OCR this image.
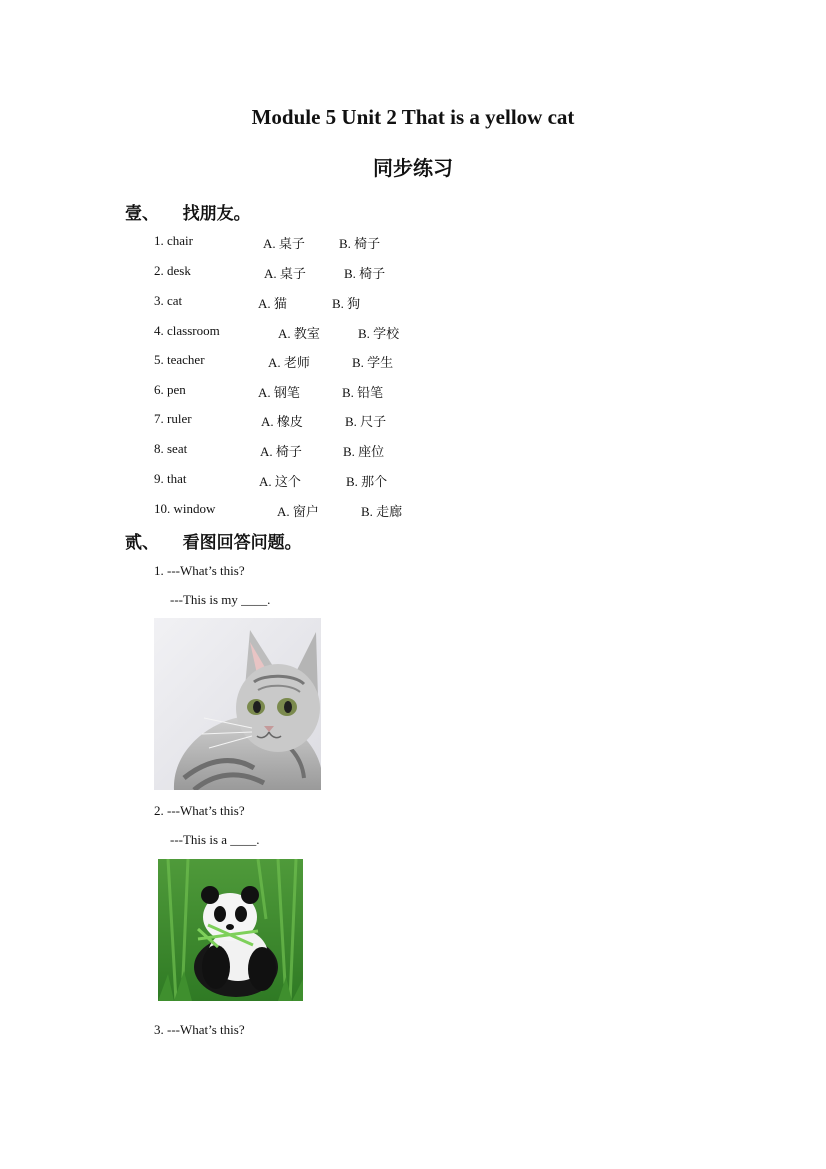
Module 5 Unit 2 That is a yellow cat
同步练习
壹、    找朋友。
1. chair	A. 桌子	B. 椅子
2. desk	A. 桌子	B. 椅子
3. cat	A. 猫	B. 狗
4. classroom	A. 教室	B. 学校
5. teacher	A. 老师	B. 学生
6. pen	A. 钢笔	B. 铅笔
7. ruler	A. 橡皮	B. 尺子
8. seat	A. 椅子	B. 座位
9. that	A. 这个	B. 那个
10. window	A. 窗户	B. 走廊
贰、    看图回答问题。
1. ---What’s this?
---This is my ____.
2. ---What’s this?
---This is a ____.
3. ---What’s this?
